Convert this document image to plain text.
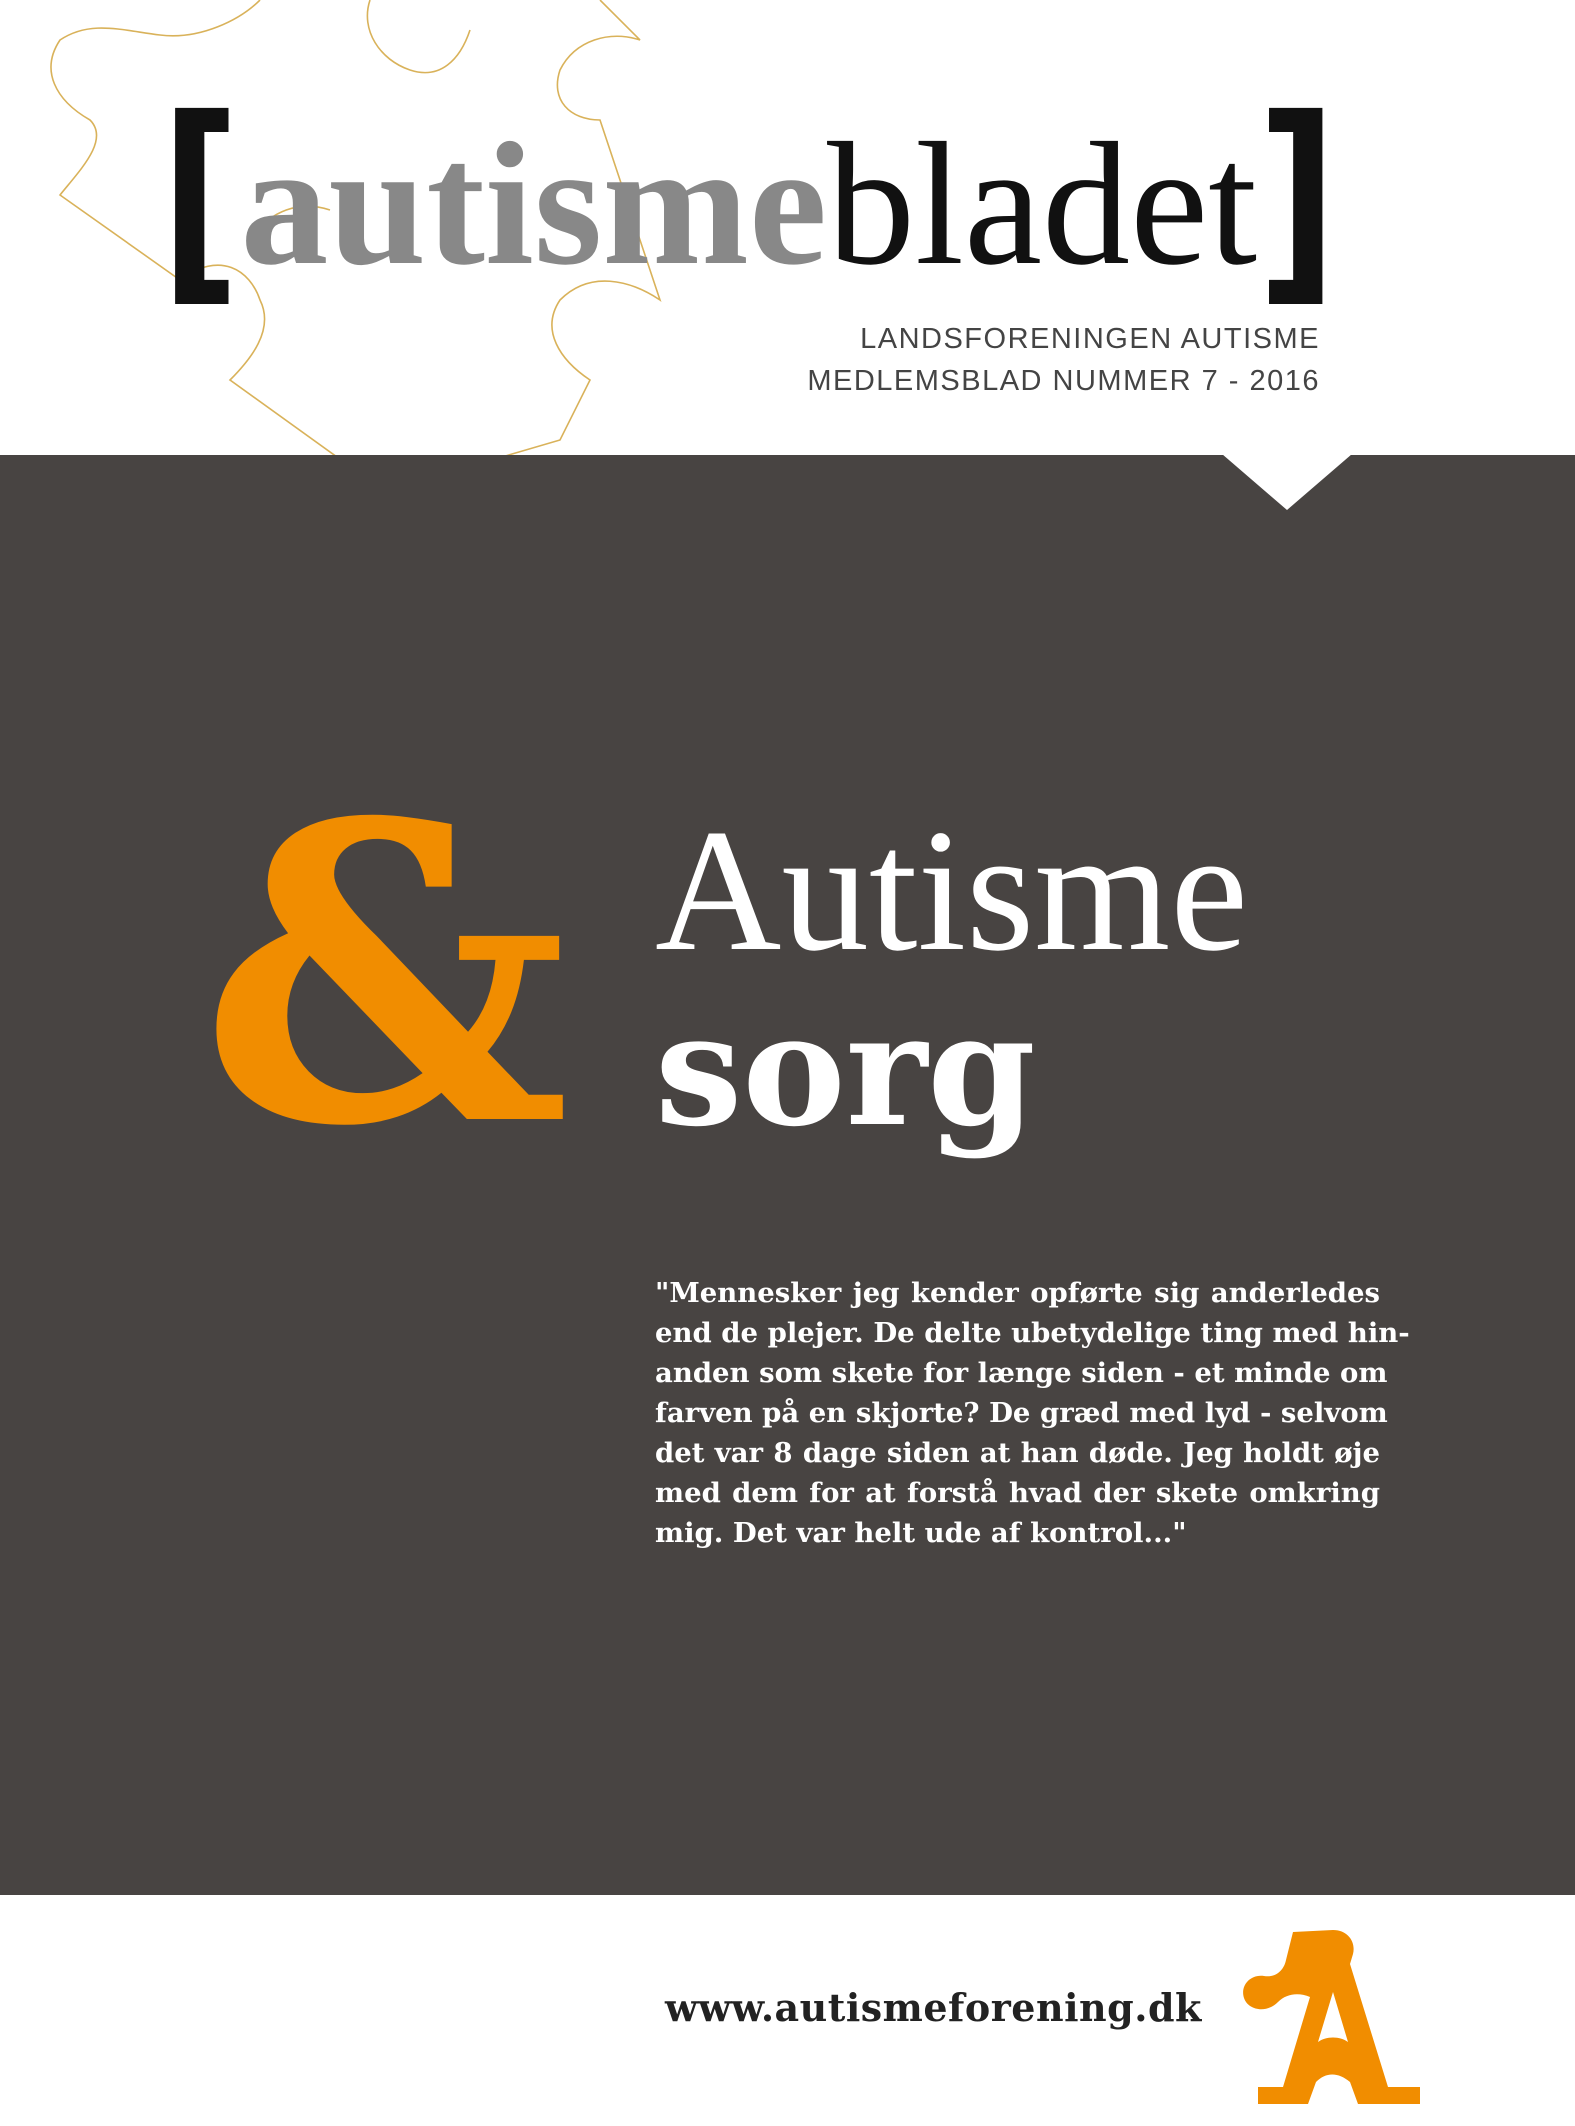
[autismebladet]
LANDSFORENINGEN AUTISME
MEDLEMSBLAD NUMMER 7 - 2016
& Autisme
sorg
"Mennesker jeg kender opførte sig anderledes
end de plejer. De delte ubetydelige ting med hin-
anden som skete for længe siden - et minde om
farven på en skjorte? De græd med lyd - selvom
det var 8 dage siden at han døde. Jeg holdt øje
med dem for at forstå hvad der skete omkring
mig. Det var helt ude af kontrol..."
www.autismeforening.dk
